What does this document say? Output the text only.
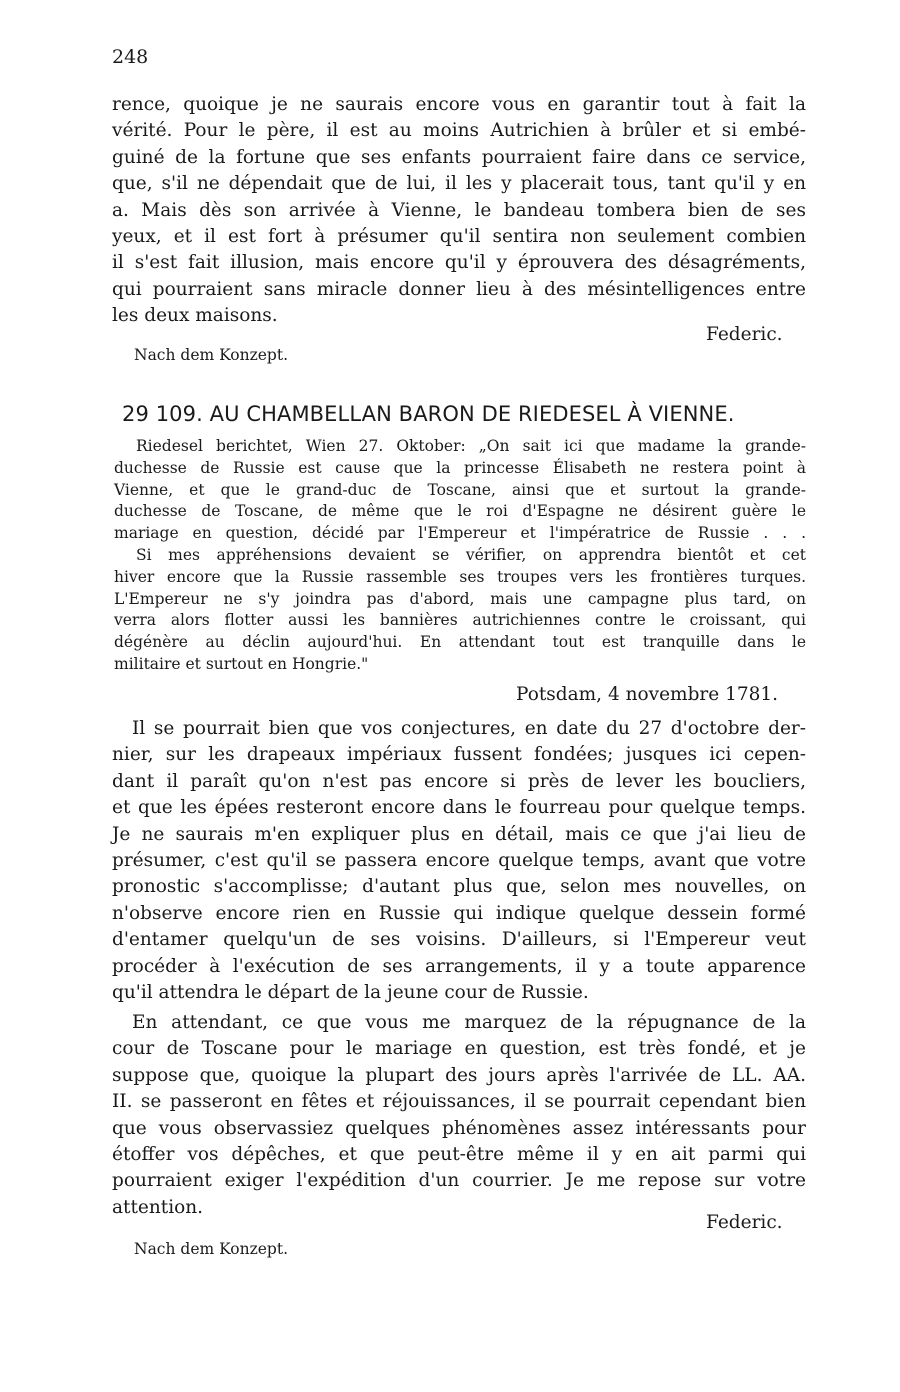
248
rence, quoique je ne saurais encore vous en garantir tout à fait la
vérité. Pour le père, il est au moins Autrichien à brûler et si embé-
guiné de la fortune que ses enfants pourraient faire dans ce service,
que, s'il ne dépendait que de lui, il les y placerait tous, tant qu'il y en
a. Mais dès son arrivée à Vienne, le bandeau tombera bien de ses
yeux, et il est fort à présumer qu'il sentira non seulement combien
il s'est fait illusion, mais encore qu'il y éprouvera des désagréments,
qui pourraient sans miracle donner lieu à des mésintelligences entre
les deux maisons.
Federic.
Nach dem Konzept.
29 109. AU CHAMBELLAN BARON DE RIEDESEL À VIENNE.
Riedesel berichtet, Wien 27. Oktober: „On sait ici que madame la grande-
duchesse de Russie est cause que la princesse Élisabeth ne restera point à
Vienne, et que le grand-duc de Toscane, ainsi que et surtout la grande-
duchesse de Toscane, de même que le roi d'Espagne ne désirent guère le
mariage en question, décidé par l'Empereur et l'impératrice de Russie . . .
Si mes appréhensions devaient se vérifier, on apprendra bientôt et cet
hiver encore que la Russie rassemble ses troupes vers les frontières turques.
L'Empereur ne s'y joindra pas d'abord, mais une campagne plus tard, on
verra alors flotter aussi les bannières autrichiennes contre le croissant, qui
dégénère au déclin aujourd'hui. En attendant tout est tranquille dans le
militaire et surtout en Hongrie."
Potsdam, 4 novembre 1781.
Il se pourrait bien que vos conjectures, en date du 27 d'octobre der-
nier, sur les drapeaux impériaux fussent fondées; jusques ici cepen-
dant il paraît qu'on n'est pas encore si près de lever les boucliers,
et que les épées resteront encore dans le fourreau pour quelque temps.
Je ne saurais m'en expliquer plus en détail, mais ce que j'ai lieu de
présumer, c'est qu'il se passera encore quelque temps, avant que votre
pronostic s'accomplisse; d'autant plus que, selon mes nouvelles, on
n'observe encore rien en Russie qui indique quelque dessein formé
d'entamer quelqu'un de ses voisins. D'ailleurs, si l'Empereur veut
procéder à l'exécution de ses arrangements, il y a toute apparence
qu'il attendra le départ de la jeune cour de Russie.
En attendant, ce que vous me marquez de la répugnance de la
cour de Toscane pour le mariage en question, est très fondé, et je
suppose que, quoique la plupart des jours après l'arrivée de LL. AA.
II. se passeront en fêtes et réjouissances, il se pourrait cependant bien
que vous observassiez quelques phénomènes assez intéressants pour
étoffer vos dépêches, et que peut-être même il y en ait parmi qui
pourraient exiger l'expédition d'un courrier. Je me repose sur votre
attention.
Federic.
Nach dem Konzept.
